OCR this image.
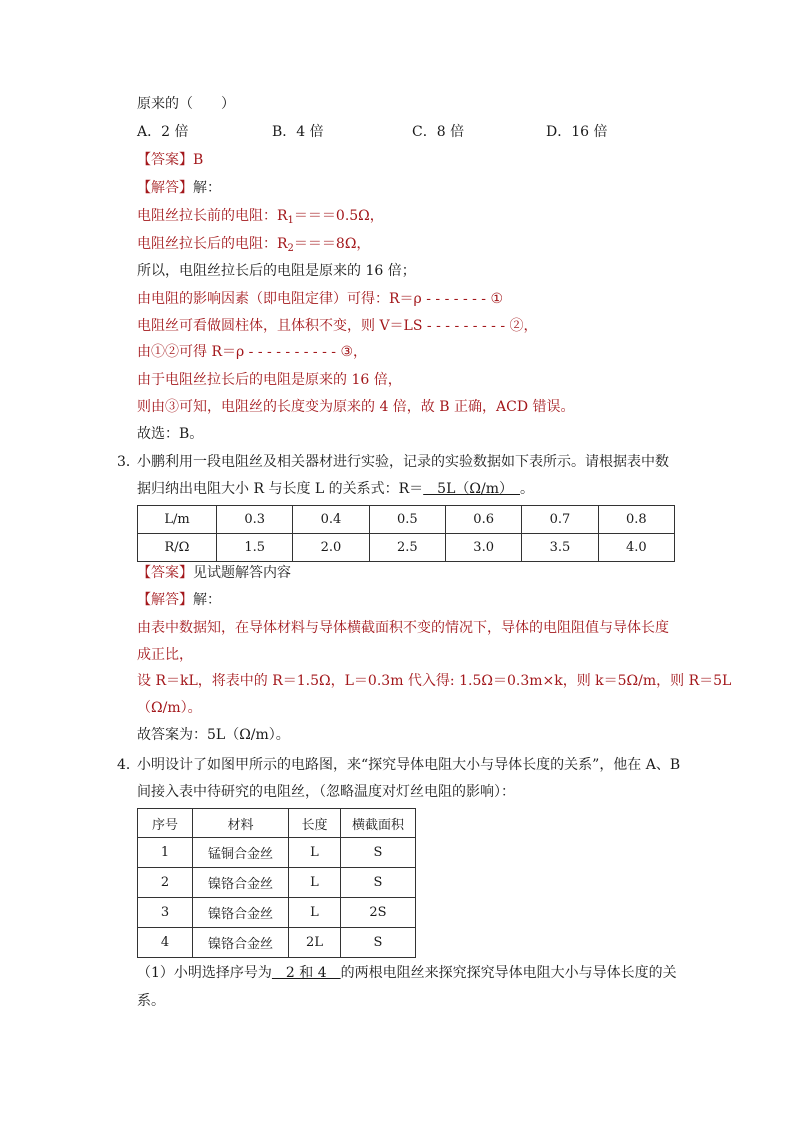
原来的（　　）
A．2 倍	B．4 倍	C．8 倍	D．16 倍
【答案】B
【解答】解：
电阻丝拉长前的电阻：$R_1===0.5\Omega$，
电阻丝拉长后的电阻：$R_2===8\Omega$，
所以，电阻丝拉长后的电阻是原来的 16 倍；
由电阻的影响因素（即电阻定律）可得：R＝ρ - - - - - - - ①
电阻丝可看做圆柱体，且体积不变，则 V＝LS - - - - - - - - - ②，
由①②可得 R＝ρ - - - - - - - - - - ③，
由于电阻丝拉长后的电阻是原来的 16 倍，
则由③可知，电阻丝的长度变为原来的 4 倍，故 B 正确，ACD 错误。
故选：B。
3．
小鹏利用一段电阻丝及相关器材进行实验，记录的实验数据如下表所示。请根据表中数
据归纳出电阻大小 R 与长度 L 的关系式：R＝　5L（Ω/m）　。
L/m	0.3	0.4	0.5	0.6	0.7	0.8
R/Ω	1.5	2.0	2.5	3.0	3.5	4.0
【答案】见试题解答内容
【解答】解：
由表中数据知，在导体材料与导体横截面积不变的情况下，导体的电阻阻值与导体长度
成正比，
设 R＝kL，将表中的 R＝1.5Ω，L＝0.3m 代入得: 1.5Ω＝0.3m×k，则 k＝5Ω/m，则 R＝5L
（Ω/m）。
故答案为：5L（Ω/m）。
4．
小明设计了如图甲所示的电路图，来“探究导体电阻大小与导体长度的关系”，他在 A、B
间接入表中待研究的电阻丝，（忽略温度对灯丝电阻的影响）：
序号	材料	长度	横截面积
1	锰铜合金丝	L	S
2	镍铬合金丝	L	S
3	镍铬合金丝	L	2S
4	镍铬合金丝	2L	S
（1）小明选择序号为　2 和 4　的两根电阻丝来探究探究导体电阻大小与导体长度的关
系。
